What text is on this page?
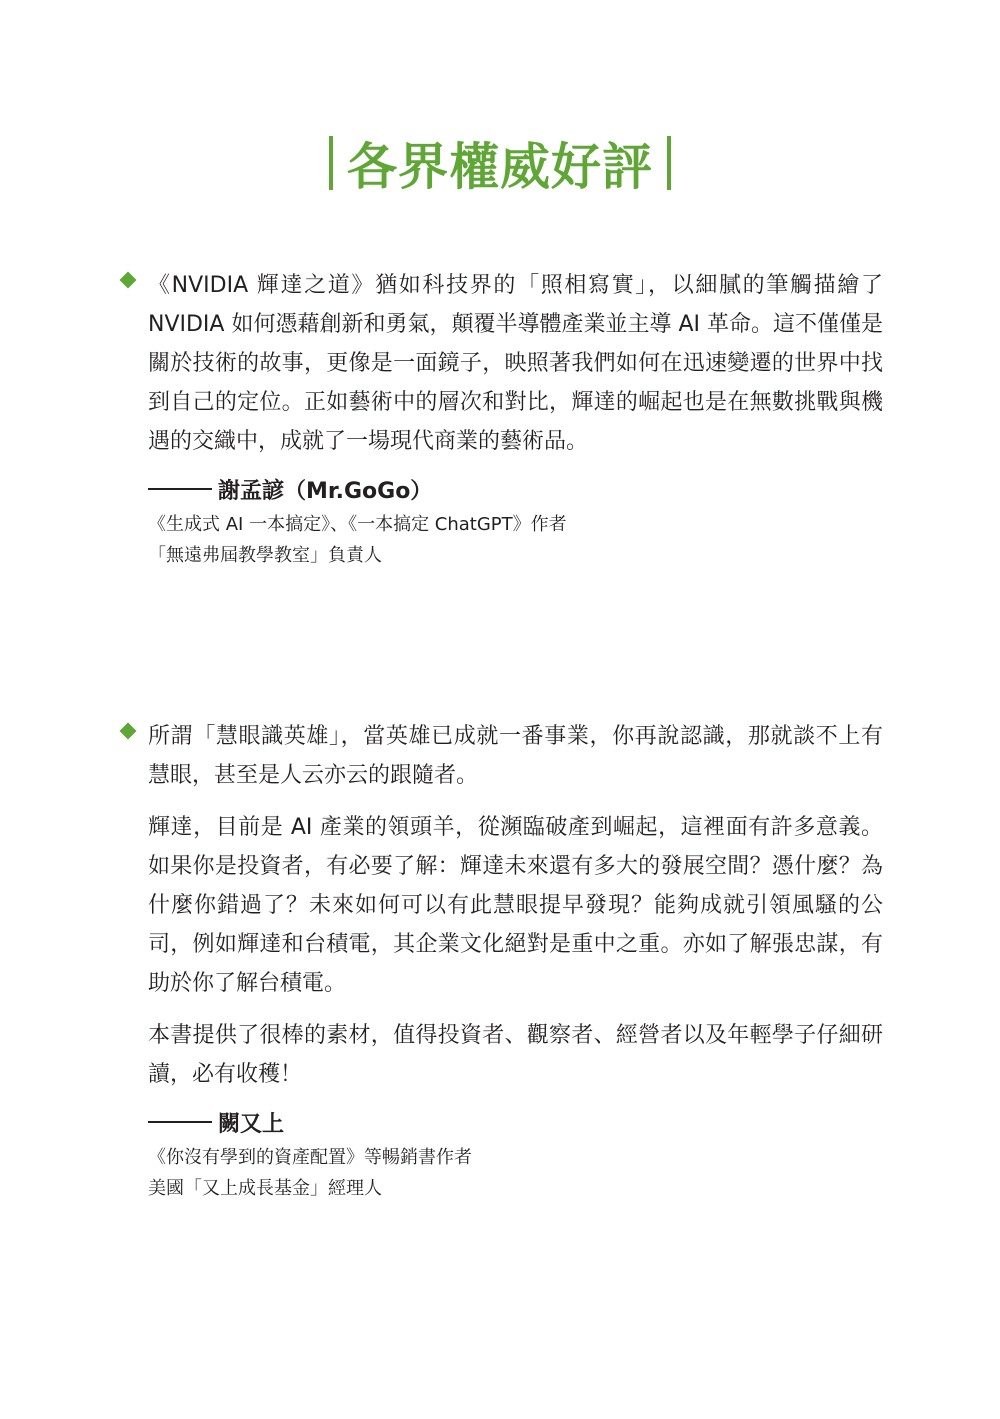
各界權威好評

《NVIDIA 輝達之道》猶如科技界的「照相寫實」，以細膩的筆觸描繪了NVIDIA 如何憑藉創新和勇氣，顛覆半導體產業並主導 AI 革命。這不僅僅是關於技術的故事，更像是一面鏡子，映照著我們如何在迅速變遷的世界中找到自己的定位。正如藝術中的層次和對比，輝達的崛起也是在無數挑戰與機遇的交織中，成就了一場現代商業的藝術品。

謝孟諺（Mr.GoGo）
《生成式 AI 一本搞定》、《一本搞定 ChatGPT》作者
「無遠弗屆教學教室」負責人

所謂「慧眼識英雄」，當英雄已成就一番事業，你再說認識，那就談不上有慧眼，甚至是人云亦云的跟隨者。

輝達，目前是 AI 產業的領頭羊，從瀕臨破產到崛起，這裡面有許多意義。如果你是投資者，有必要了解：輝達未來還有多大的發展空間？憑什麼？為什麼你錯過了？未來如何可以有此慧眼提早發現？能夠成就引領風騷的公司，例如輝達和台積電，其企業文化絕對是重中之重。亦如了解張忠謀，有助於你了解台積電。

本書提供了很棒的素材，值得投資者、觀察者、經營者以及年輕學子仔細研讀，必有收穫！

闕又上
《你沒有學到的資產配置》等暢銷書作者
美國「又上成長基金」經理人
